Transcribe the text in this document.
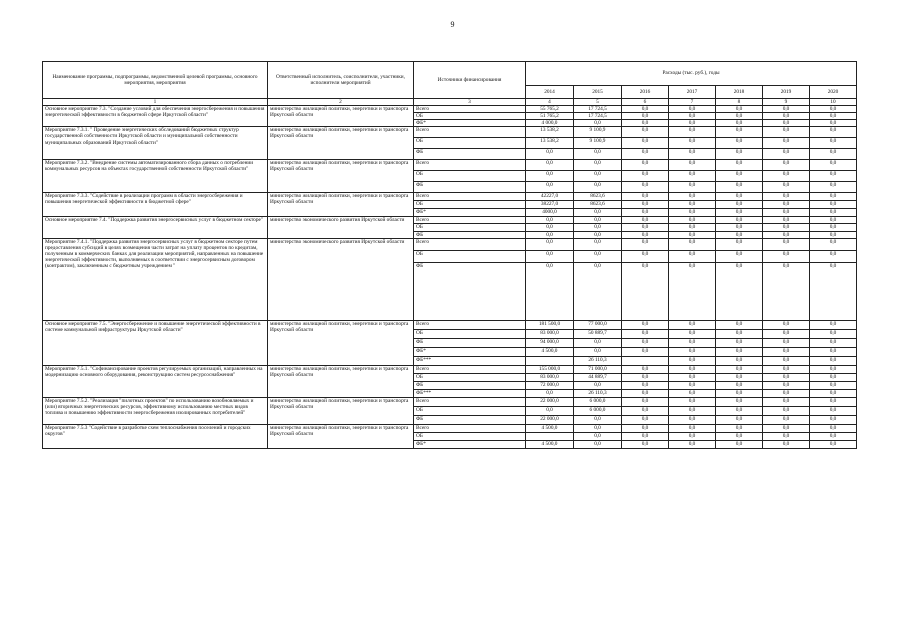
9
Наименование программы, подпрограммы, ведомственной целевой программы, основного мероприятия, мероприятия	Ответственный исполнитель, соисполнители, участники, исполнители мероприятий	Источники финансирования	Расходы (тыс. руб.), годы						
			2014	2015	2016	2017	2018	2019	2020
1	2	3	4	5	6	7	8	9	10
Основное мероприятие 7.3. "Создание условий для обеспечения энергосбережения и повышения энергетической эффективности в бюджетной сфере Иркутской области"	министерство жилищной политики, энергетики и транспорта Иркутской области	Всего	55 765,2	17 724,5	0,0	0,0	0,0	0,0	0,0
		ОБ	51 765,2	17 724,5	0,0	0,0	0,0	0,0	0,0
		ФБ*	4 000,0	0,0	0,0	0,0	0,0	0,0	0,0
Мероприятие 7.3.1. " Проведение энергетических обследований бюджетных структур государственной собственности Иркутской области и муниципальной собственности муниципальных образований Иркутской области"	министерство жилищной политики, энергетики и транспорта Иркутской области	Всего	13 538,2	9 100,9	0,0	0,0	0,0	0,0	0,0
		ОБ	13 538,2	9 100,9	0,0	0,0	0,0	0,0	0,0
		ФБ	0,0	0,0	0,0	0,0	0,0	0,0	0,0
Мероприятие 7.3.2. "Внедрение системы автоматизированного сбора данных о потреблении коммунальных ресурсов на объектах государственной собственности Иркутской области"	министерство жилищной политики, энергетики и транспорта Иркутской области	Всего	0,0	0,0	0,0	0,0	0,0	0,0	0,0
		ОБ	0,0	0,0	0,0	0,0	0,0	0,0	0,0
		ФБ	0,0	0,0	0,0	0,0	0,0	0,0	0,0
Мероприятие 7.3.3. "Содействие в реализации программ в области энергосбережения и повышения энергетической эффективности в бюджетной сфере"	министерство жилищной политики, энергетики и транспорта Иркутской области	Всего	42227,0	8623,6	0,0	0,0	0,0	0,0	0,0
		ОБ	38227,0	8623,6	0,0	0,0	0,0	0,0	0,0
		ФБ*	4000,0	0,0	0,0	0,0	0,0	0,0	0,0
Основное мероприятие 7.4. "Поддержка развития энергосервисных услуг в бюджетном секторе"	министерство экономического развития Иркутской области	Всего	0,0	0,0	0,0	0,0	0,0	0,0	0,0
		ОБ	0,0	0,0	0,0	0,0	0,0	0,0	0,0
		ФБ	0,0	0,0	0,0	0,0	0,0	0,0	0,0
Мероприятие 7.4.1. "Поддержка развития энергосервисных услуг в бюджетном секторе путем предоставления субсидий в целях возмещения части затрат на уплату процентов по кредитам, полученным в коммерческих банках для реализации мероприятий, направленных на повышение энергетической эффективности, выполняемых в соответствии с энергосервисным договором (контрактом), заключенным с бюджетным учреждением "	министерство экономического развития Иркутской области	Всего	0,0	0,0	0,0	0,0	0,0	0,0	0,0
		ОБ	0,0	0,0	0,0	0,0	0,0	0,0	0,0
		ФБ	0,0	0,0	0,0	0,0	0,0	0,0	0,0
Основное мероприятие 7.5. "Энергосбережение и повышение энергетической эффективности в системе коммунальной инфраструктуры Иркутской области"	министерство жилищной политики, энергетики и транспорта Иркутской области	Всего	181 500,0	77 000,0	0,0	0,0	0,0	0,0	0,0
		ОБ	83 000,0	50 889,7	0,0	0,0	0,0	0,0	0,0
		ФБ	94 000,0	0,0	0,0	0,0	0,0	0,0	0,0
		ФБ*	4 500,0	0,0	0,0	0,0	0,0	0,0	0,0
		ФБ***		26 110,3		0,0	0,0	0,0	0,0
Мероприятие 7.5.1. "Софинансирование проектов регулируемых организаций, направленных на модернизацию основного оборудования, реконструкцию систем ресурсоснабжения"	министерство жилищной политики, энергетики и транспорта Иркутской области	Всего	155 000,0	71 000,0	0,0	0,0	0,0	0,0	0,0
		ОБ	83 000,0	44 889,7	0,0	0,0	0,0	0,0	0,0
		ФБ	72 000,0	0,0	0,0	0,0	0,0	0,0	0,0
		ФБ***	0,0	26 110,3	0,0	6,0	0,0	0,0	0,0
Мероприятие 7.5.2. "Реализация "пилотных проектов" по использованию возобновляемых и (или) вторичных энергетических ресурсов, эффективному использованию местных видов топлива и повышению эффективности энергосбережения изолированных потребителей"	министерство жилищной политики, энергетики и транспорта Иркутской области	Всего	22 000,0	6 000,0	0,0	0,0	0,0	0,0	0,0
		ОБ	0,0	6 000,0	0,0	0,0	0,0	0,0	0,0
		ФБ	22 000,0	0,0	0,0	0,0	0,0	0,0	0,0
Мероприятие 7.5.3 "Содействие в разработке схем теплоснабжения поселений и городских округов"	министерство жилищной политики, энергетики и транспорта Иркутской области	Всего	4 500,0	0,0	0,0	0,0	0,0	0,0	0,0
		ОБ		0,0	0,0	0,0	0,0	0,0	0,0
		ФБ*	4 500,0	0,0	0,0	0,0	0,0	0,0	0,0
